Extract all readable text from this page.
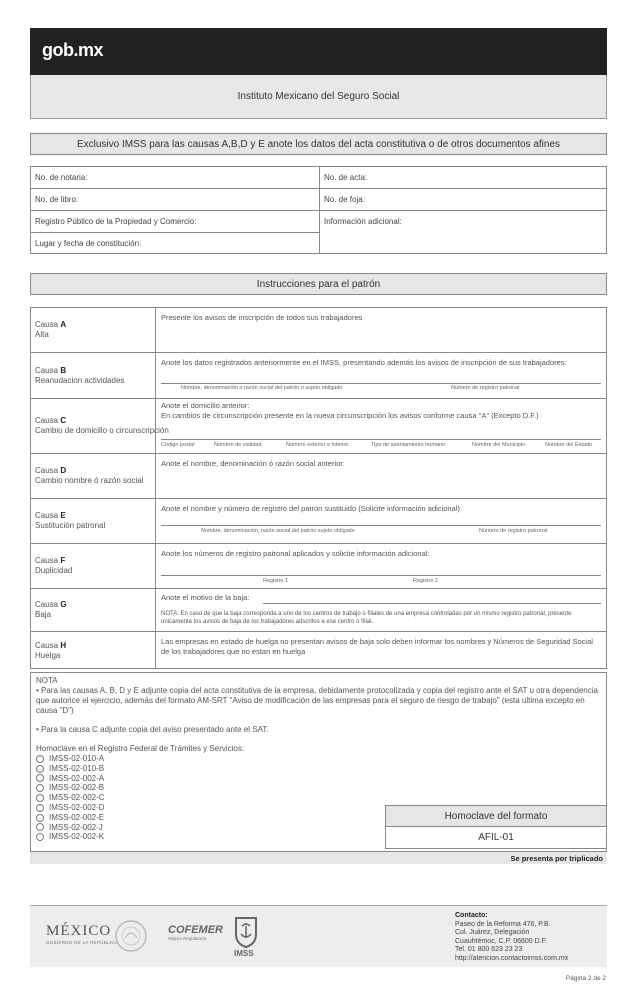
gob.mx
Instituto Mexicano del Seguro Social
Exclusivo IMSS para las causas A,B,D y E anote los datos del acta constitutiva o de otros documentos afines
No. de notaria:	No. de acta:
No. de libro:	No. de foja:
Registro Público de la Propiedad y Comercio:	Información adicional:
Lugar y fecha de constitución:
Instrucciones para el patrón
Causa A
Alta
Presente los avisos de inscripción de todos sus trabajadores
Causa B
Reanudacion actividades
Anote los datos registrados anteriormente en el IMSS, presentando además los avisos de inscripción de sus trabajadores:
Nombre, denominación o razón social del patrón o sujeto obligado	Número de registro patronal
Causa C
Cambio de domicilio o circunscripción
Anote el domicilio anterior:
En cambios de circunscripción presente en la nueva circunscripción los avisos conforme causa "A" (Excepto D.F.)
Código postal	Nombre de vialidad	Número exterior e interior	Tipo de asentamiento humano	Nombre del Municipio	Nombre del Estado
Causa D
Cambio nombre ó razón social
Anote el nombre, denominación ó razón social anterior:
Causa E
Sustitución patronal
Anote el nombre y número de registro del patrón sustituido (Solicite información adicional):
Nombre, denominación, razón social del patrón sujeto obligado	Número de registro patronal
Causa F
Duplicidad
Anote los números de registro patronal aplicados y solicite información adicional:
Registro 1	Registro 2
Causa G
Baja
Anote el motivo de la baja:
NOTA: En caso de que la baja corresponda a uno de los centros de trabajo o filiales de una empresa controladas por un mismo registro patronal, presente unicamente los avisos de baja de los trabajadores adscritos a ese centro o filial.
Causa H
Huelga
Las empresas en estado de huelga no presentan avisos de baja solo deben informar los nombres y Números de Seguridad Social de los trabajadores que no estan en huelga

NOTA

• Para las causas A, B, D y E adjunte copia del acta constitutiva de la empresa, debidamente protocolizada y copia del registro ante el SAT u otra dependencia que autorice el ejercicio, además del formato AM-SRT "Aviso de modificación de las empresas para el seguro de riesgo de trabajo" (esta ultima excepto en causa "D")

• Para la causa C adjunte copia del aviso presentado ante el SAT.

Homoclave en el Registro Federal de Trámites y Servicios:

IMSS-02-010-A
IMSS-02-010-B
IMSS-02-002-A
IMSS-02-002-B
IMSS-02-002-C
IMSS-02-002-D
IMSS-02-002-E
IMSS-02-002-J
IMSS-02-002-K
Homoclave del formato
AFIL-01
Se presenta por triplicado
MÉXICO
GOBIERNO DE LA REPÚBLICA
COFEMER
Mejora Regulatoria
IMSS
Contacto:
Paseo de la Reforma 476, P.B.
Col. Juárez, Delegación
Cuauhtémoc, C.P. 06600 D.F.
Tel. 01 800 623 23 23
http://atencion.contactoimss.com.mx
Página 2 de 2
